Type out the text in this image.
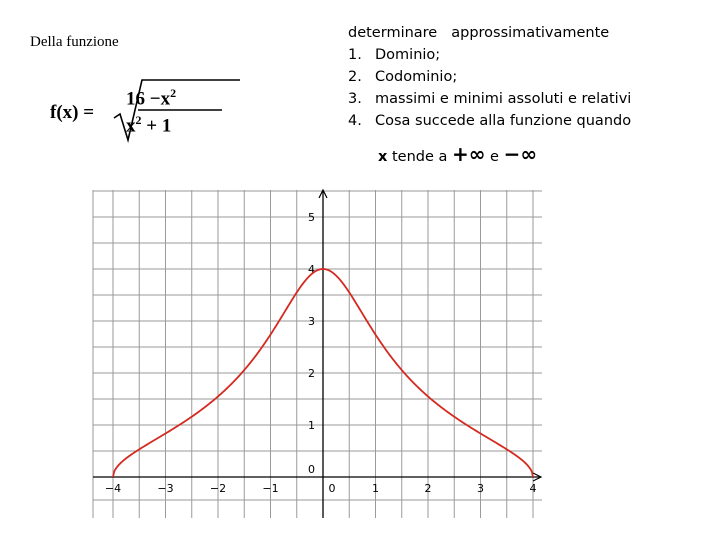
Della funzione
f(x) =
$16 -x^2$
$x^2 + 1$
determinare approssimativamente
1. Dominio;
2. Codominio;
3. massimi e minimi assoluti e relativi
4. Cosa succede alla funzione quando
x tende a +∞ e −∞
−4	−3	−2	−1	0	1	2	3	4
0
1
2
3
4
5
